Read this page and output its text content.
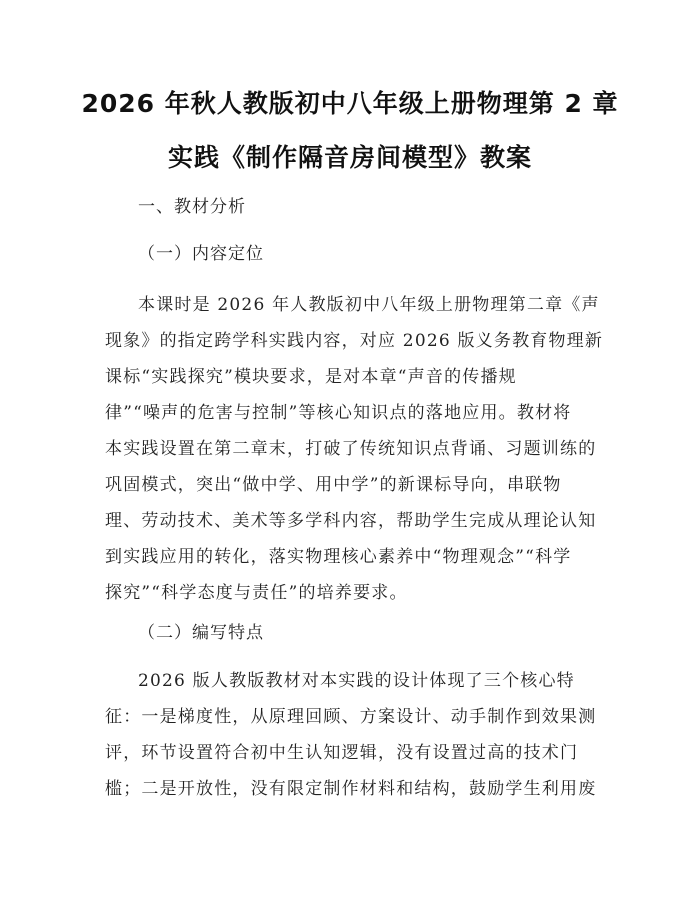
2026 年秋人教版初中八年级上册物理第 2 章
实践《制作隔音房间模型》教案
一、教材分析
（一）内容定位
本课时是 2026 年人教版初中八年级上册物理第二章《声
现象》的指定跨学科实践内容，对应 2026 版义务教育物理新
课标“实践探究”模块要求，是对本章“声音的传播规
律”“噪声的危害与控制”等核心知识点的落地应用。教材将
本实践设置在第二章末，打破了传统知识点背诵、习题训练的
巩固模式，突出“做中学、用中学”的新课标导向，串联物
理、劳动技术、美术等多学科内容，帮助学生完成从理论认知
到实践应用的转化，落实物理核心素养中“物理观念”“科学
探究”“科学态度与责任”的培养要求。
（二）编写特点
2026 版人教版教材对本实践的设计体现了三个核心特
征：一是梯度性，从原理回顾、方案设计、动手制作到效果测
评，环节设置符合初中生认知逻辑，没有设置过高的技术门
槛；二是开放性，没有限定制作材料和结构，鼓励学生利用废
